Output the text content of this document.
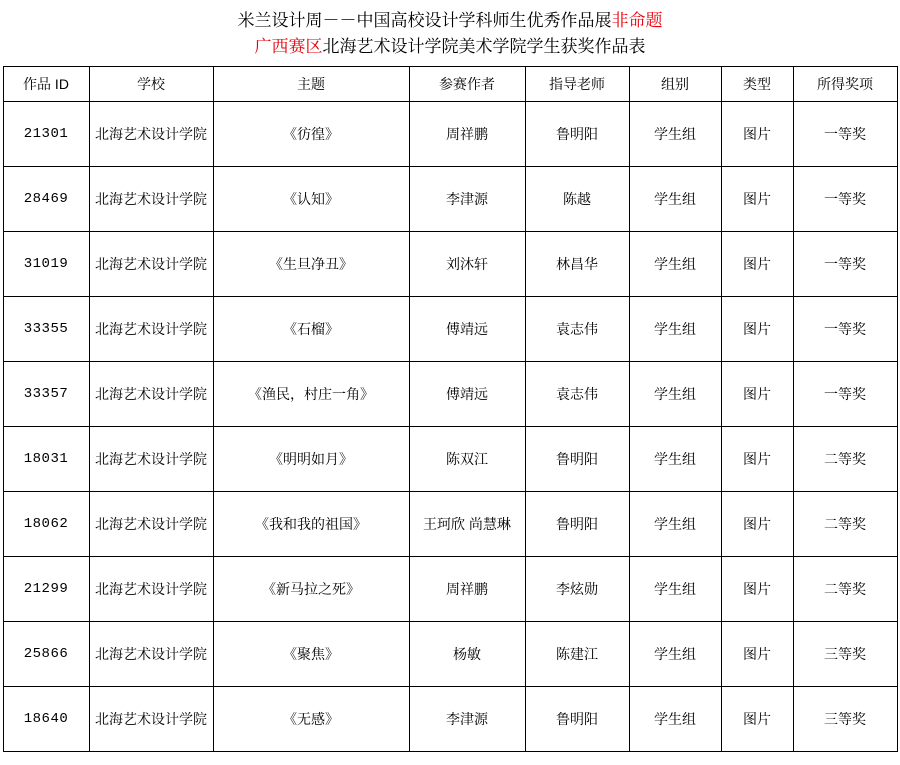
米兰设计周－－中国高校设计学科师生优秀作品展非命题
广西赛区北海艺术设计学院美术学院学生获奖作品表
作品 ID	学校	主题	参赛作者	指导老师	组别	类型	所得奖项
21301	北海艺术设计学院	《彷徨》	周祥鹏	鲁明阳	学生组	图片	一等奖
28469	北海艺术设计学院	《认知》	李津源	陈越	学生组	图片	一等奖
31019	北海艺术设计学院	《生旦净丑》	刘沐轩	林昌华	学生组	图片	一等奖
33355	北海艺术设计学院	《石榴》	傅靖远	袁志伟	学生组	图片	一等奖
33357	北海艺术设计学院	《渔民，村庄一角》	傅靖远	袁志伟	学生组	图片	一等奖
18031	北海艺术设计学院	《明明如月》	陈双江	鲁明阳	学生组	图片	二等奖
18062	北海艺术设计学院	《我和我的祖国》	王珂欣 尚慧琳	鲁明阳	学生组	图片	二等奖
21299	北海艺术设计学院	《新马拉之死》	周祥鹏	李炫勋	学生组	图片	二等奖
25866	北海艺术设计学院	《聚焦》	杨敏	陈建江	学生组	图片	三等奖
18640	北海艺术设计学院	《无感》	李津源	鲁明阳	学生组	图片	三等奖
